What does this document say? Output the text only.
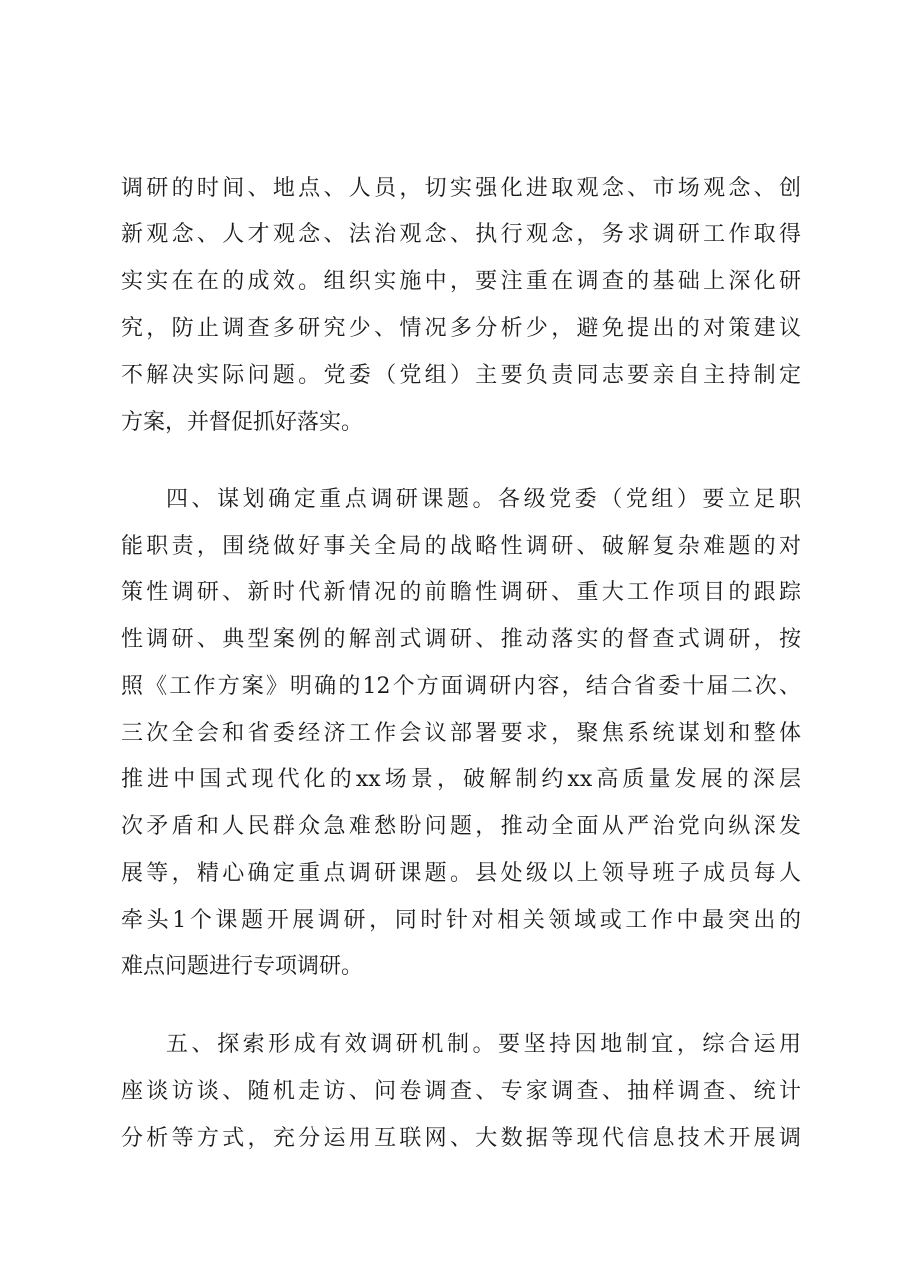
调研的时间、地点、人员，切实强化进取观念、市场观念、创
新观念、人才观念、法治观念、执行观念，务求调研工作取得
实实在在的成效。组织实施中，要注重在调查的基础上深化研
究，防止调查多研究少、情况多分析少，避免提出的对策建议
不解决实际问题。党委（党组）主要负责同志要亲自主持制定
方案，并督促抓好落实。
四、谋划确定重点调研课题。各级党委（党组）要立足职
能职责，围绕做好事关全局的战略性调研、破解复杂难题的对
策性调研、新时代新情况的前瞻性调研、重大工作项目的跟踪
性调研、典型案例的解剖式调研、推动落实的督查式调研，按
照《工作方案》明确的12个方面调研内容，结合省委十届二次、
三次全会和省委经济工作会议部署要求，聚焦系统谋划和整体
推进中国式现代化的xx场景，破解制约xx高质量发展的深层
次矛盾和人民群众急难愁盼问题，推动全面从严治党向纵深发
展等，精心确定重点调研课题。县处级以上领导班子成员每人
牵头1个课题开展调研，同时针对相关领域或工作中最突出的
难点问题进行专项调研。
五、探索形成有效调研机制。要坚持因地制宜，综合运用
座谈访谈、随机走访、问卷调查、专家调查、抽样调查、统计
分析等方式，充分运用互联网、大数据等现代信息技术开展调
